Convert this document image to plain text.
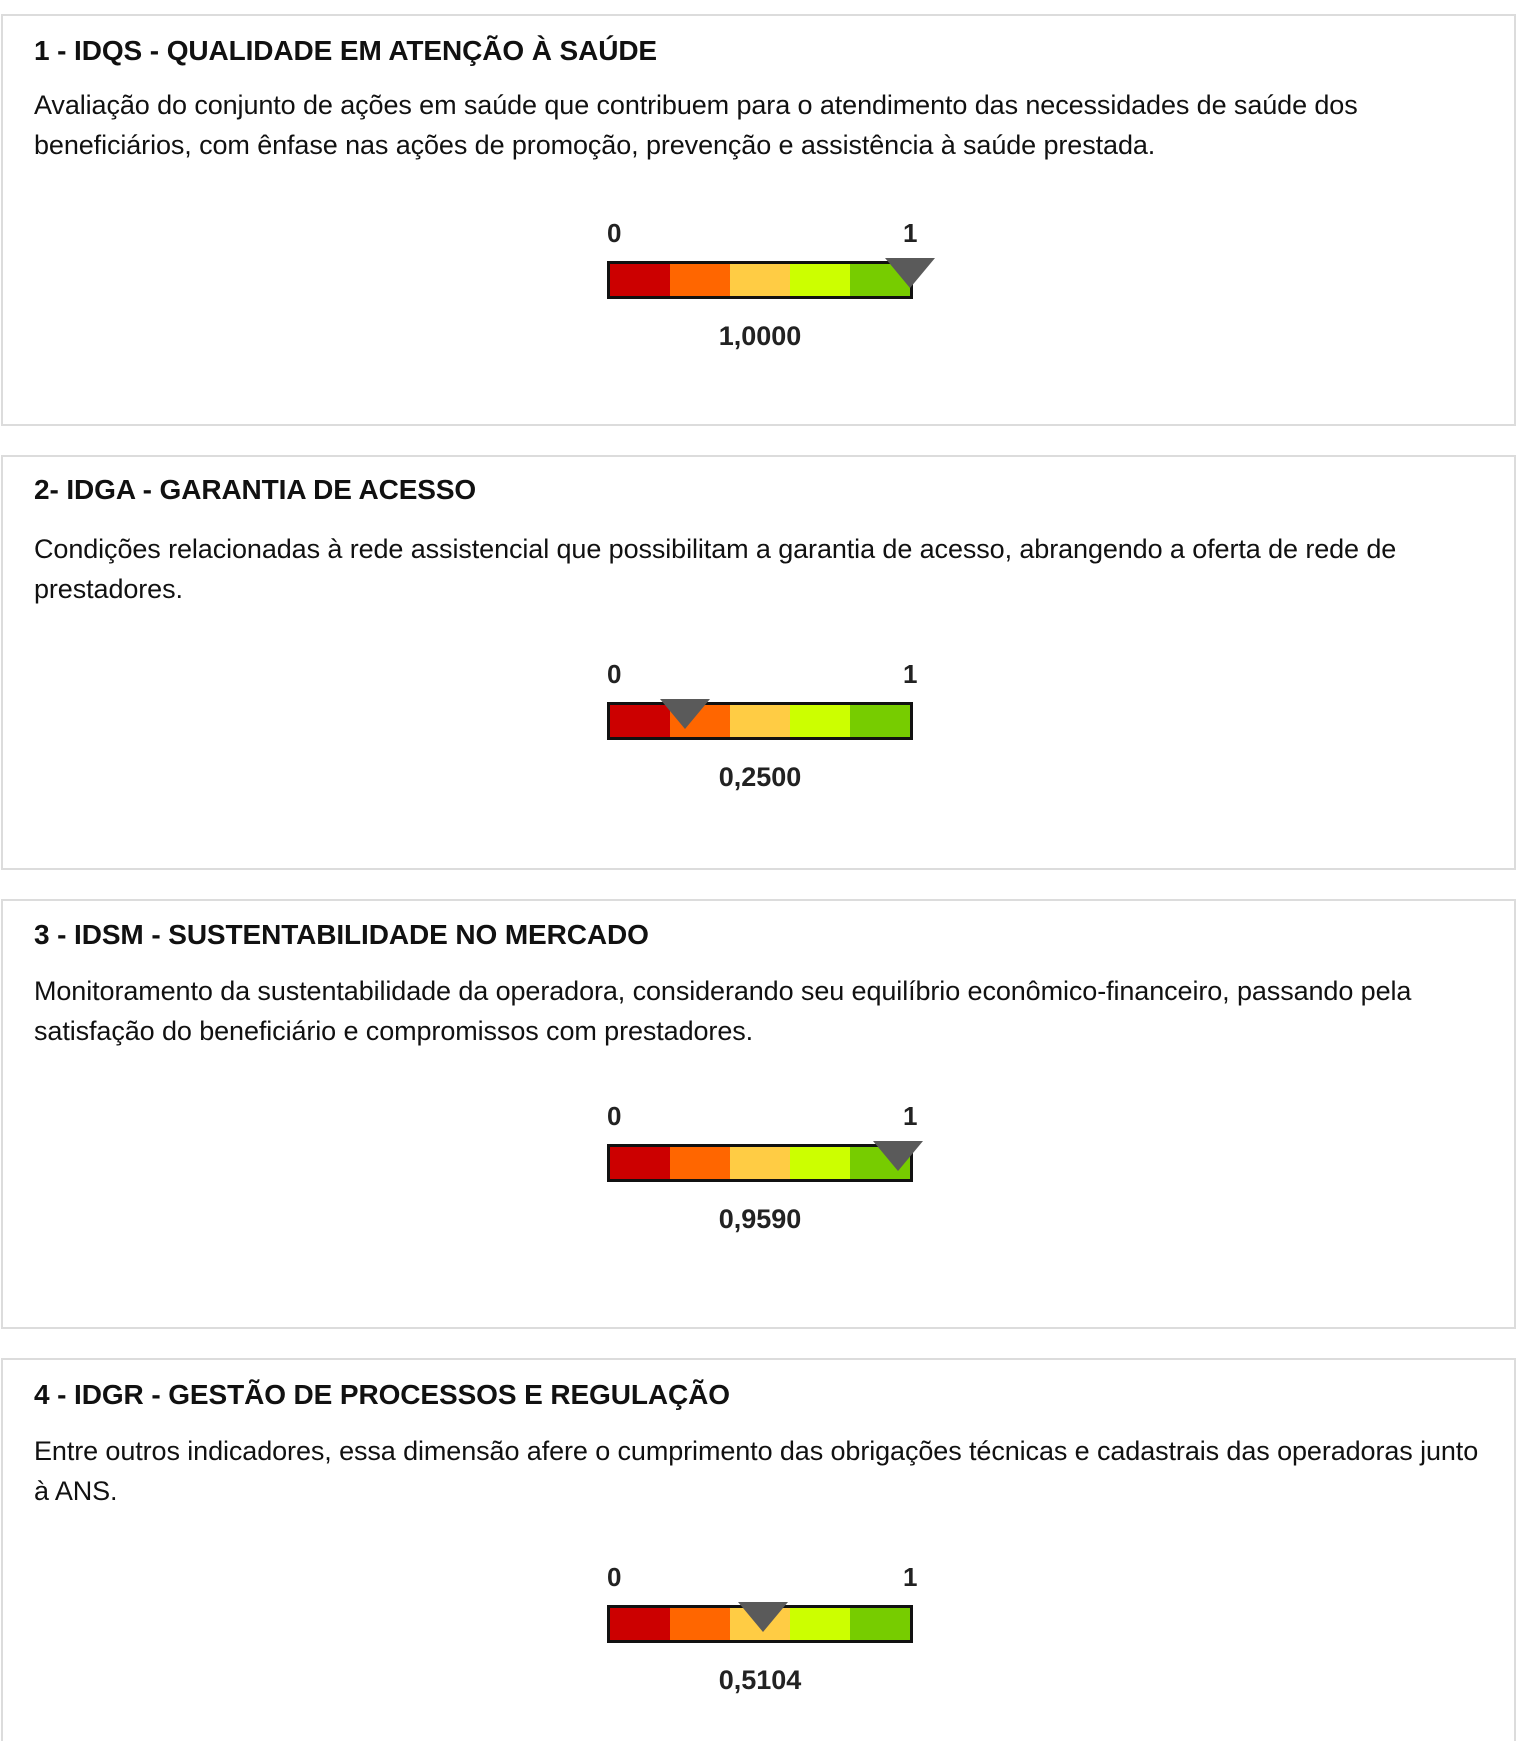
1 - IDQS - QUALIDADE EM ATENÇÃO À SAÚDE

Avaliação do conjunto de ações em saúde que contribuem para o atendimento das necessidades de saúde dos beneficiários, com ênfase nas ações de promoção, prevenção e assistência à saúde prestada.

0	1
1,0000
2- IDGA - GARANTIA DE ACESSO

Condições relacionadas à rede assistencial que possibilitam a garantia de acesso, abrangendo a oferta de rede de prestadores.

0	1
0,2500
3 - IDSM - SUSTENTABILIDADE NO MERCADO

Monitoramento da sustentabilidade da operadora, considerando seu equilíbrio econômico-financeiro, passando pela satisfação do beneficiário e compromissos com prestadores.

0	1
0,9590
4 - IDGR - GESTÃO DE PROCESSOS E REGULAÇÃO

Entre outros indicadores, essa dimensão afere o cumprimento das obrigações técnicas e cadastrais das operadoras junto à ANS.

0	1
0,5104
